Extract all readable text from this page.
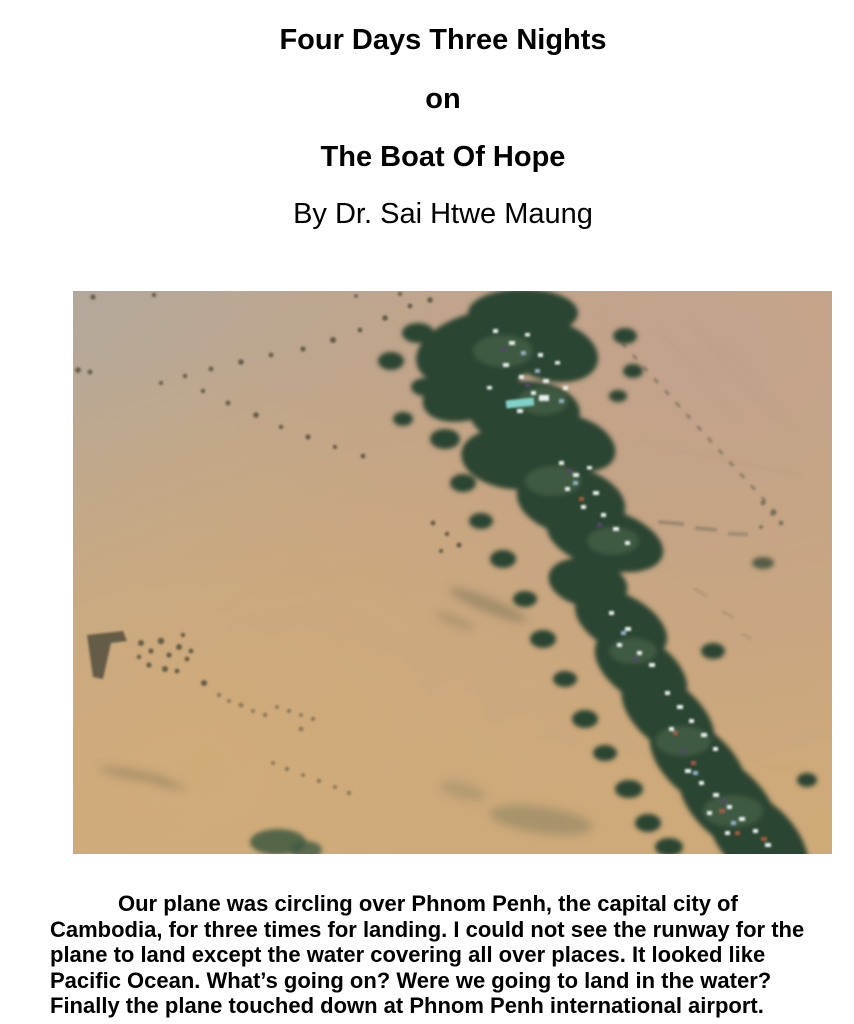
Four Days Three Nights
on
The Boat Of Hope
By Dr. Sai Htwe Maung
Our plane was circling over Phnom Penh, the capital city of
Cambodia, for three times for landing. I could not see the runway for the
plane to land except the water covering all over places. It looked like
Pacific Ocean. What’s going on? Were we going to land in the water?
Finally the plane touched down at Phnom Penh international airport.
